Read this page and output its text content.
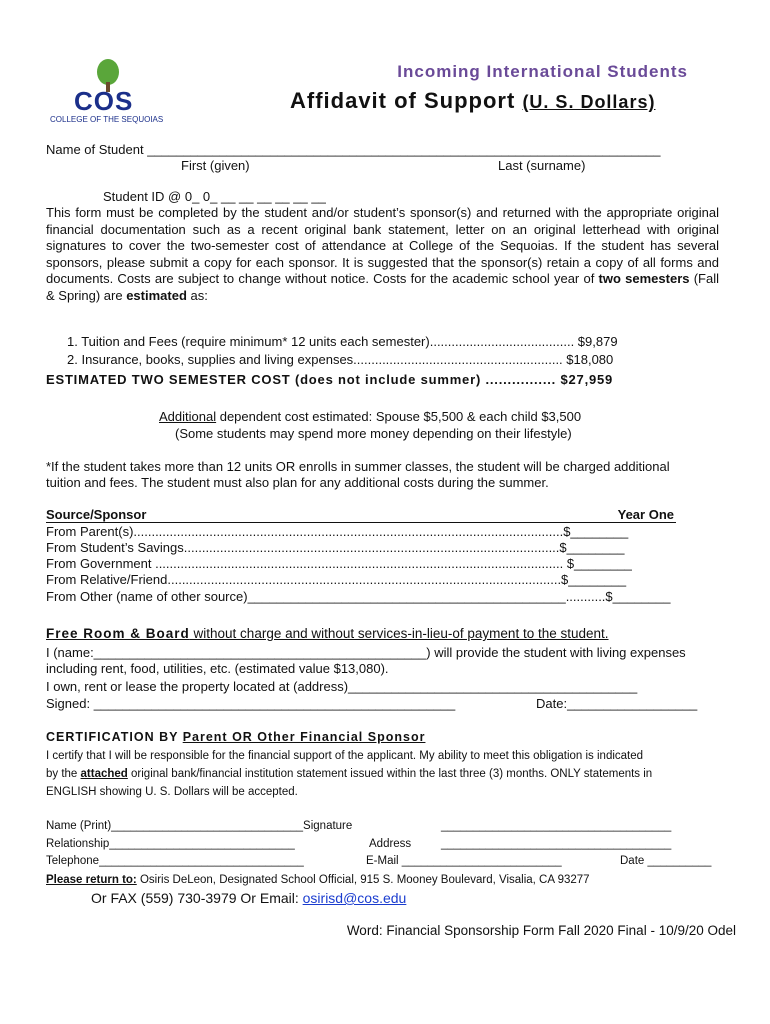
COS
COLLEGE OF THE SEQUOIAS
Incoming International Students
Affidavit of Support (U. S. Dollars)
Name of Student _______________________________________________________________________
First (given)	Last (surname)
Student ID @ 0_ 0_ __ __ __ __ __ __
This form must be completed by the student and/or student’s sponsor(s) and returned with the appropriate original financial documentation such as a recent original bank statement, letter on an original letterhead with original signatures to cover the two-semester cost of attendance at College of the Sequoias. If the student has several sponsors, please submit a copy for each sponsor. It is suggested that the sponsor(s) retain a copy of all forms and documents. Costs are subject to change without notice. Costs for the academic school year of two semesters (Fall & Spring) are estimated as:
1. Tuition and Fees (require minimum* 12 units each semester)........................................ $9,879
2. Insurance, books, supplies and living expenses.......................................................... $18,080
ESTIMATED TWO SEMESTER COST (does not include summer) ................ $27,959
Additional dependent cost estimated: Spouse $5,500 & each child $3,500
(Some students may spend more money depending on their lifestyle)
*If the student takes more than 12 units OR enrolls in summer classes, the student will be charged additional
tuition and fees. The student must also plan for any additional costs during the summer.
Source/Sponsor	Year One
From Parent(s).......................................................................................................................$________
From Student’s Savings........................................................................................................$________
From Government ................................................................................................................. $________
From Relative/Friend.............................................................................................................$________
From Other (name of other source)____________________________________________...........$________
Free Room & Board without charge and without services-in-lieu-of payment to the student.
I (name:______________________________________________) will provide the student with living expenses
including rent, food, utilities, etc. (estimated value $13,080).
I own, rent or lease the property located at (address)________________________________________
Signed: __________________________________________________	Date:__________________
CERTIFICATION BY Parent OR Other Financial Sponsor
I certify that I will be responsible for the financial support of the applicant. My ability to meet this obligation is indicated
by the attached original bank/financial institution statement issued within the last three (3) months. ONLY statements in
ENGLISH showing U. S. Dollars will be accepted.
Name (Print)______________________________Signature	____________________________________
Relationship_____________________________	Address	____________________________________
Telephone________________________________	E-Mail _________________________	Date __________
Please return to: Osiris DeLeon, Designated School Official, 915 S. Mooney Boulevard, Visalia, CA 93277
Or FAX (559) 730-3979 Or Email: osirisd@cos.edu
Word: Financial Sponsorship Form Fall 2020 Final - 10/9/20 Odel
